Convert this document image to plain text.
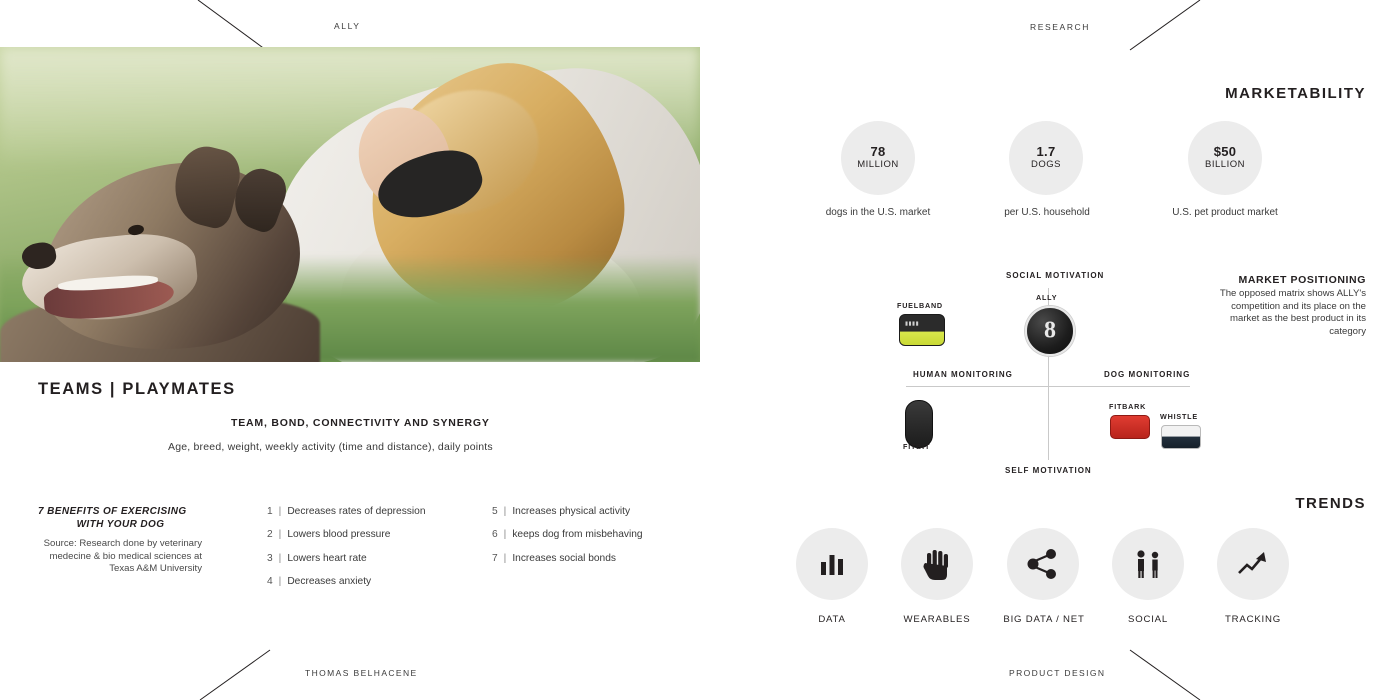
ALLY	RESEARCH
THOMAS BELHACENE	PRODUCT DESIGN
TEAMS | PLAYMATES
TEAM, BOND, CONNECTIVITY AND SYNERGY
Age, breed, weight, weekly activity (time and distance), daily points
7 BENEFITS OF EXERCISING
WITH YOUR DOG
Source: Research done by veterinary medecine & bio medical sciences at Texas A&M University
1 | Decreases rates of depression
2 | Lowers blood pressure
3 | Lowers heart rate
4 | Decreases anxiety
5 | Increases physical activity
6 | keeps dog from misbehaving
7 | Increases social bonds
MARKETABILITY
78
MILLION
dogs in the U.S. market
1.7
DOGS
per U.S. household
$50
BILLION
U.S. pet product market
SOCIAL MOTIVATION
SELF MOTIVATION
HUMAN MONITORING	DOG MONITORING
FUELBAND
▮▮▮▮
ALLY
8
FITBIT
FITBARK
WHISTLE
MARKET POSITIONING
The opposed matrix shows ALLY's competition and its place on the market as the best product in its category
TRENDS
DATA	WEARABLES	BIG DATA / NET	SOCIAL	TRACKING
